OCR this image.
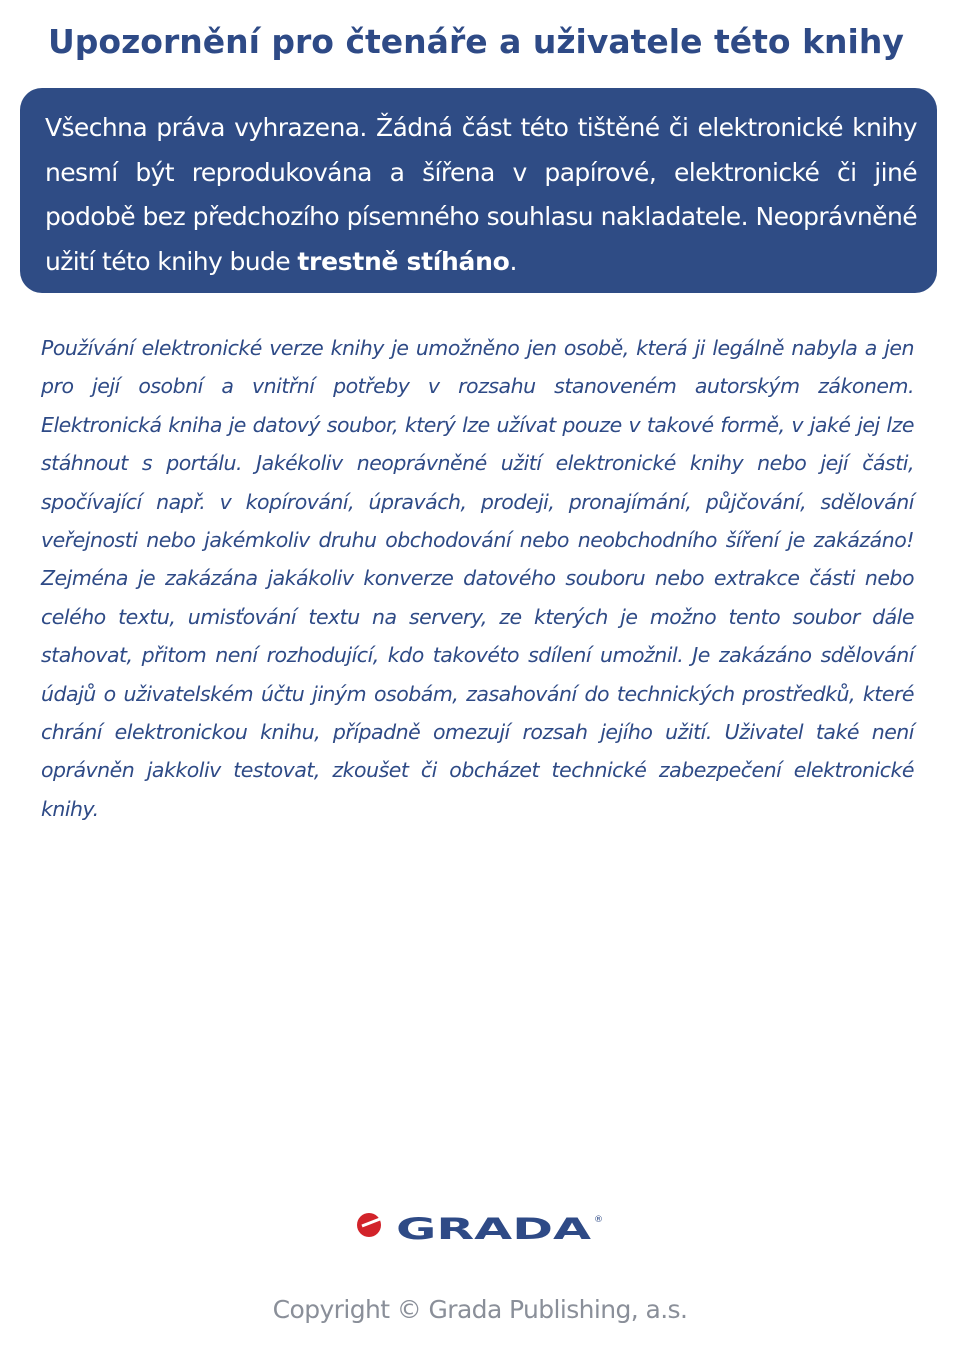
Upozornění pro čtenáře a uživatele této knihy

Všechna práva vyhrazena. Žádná část této tištěné či elektronické knihy nesmí být reprodukována a šířena v papírové, elektronické či jiné podobě bez předchozího písemného souhlasu nakladatele. Neoprávněné užití této knihy bude trestně stíháno.

Používání elektronické verze knihy je umožněno jen osobě, která ji legálně nabyla a jen pro její osobní a vnitřní potřeby v rozsahu stanoveném autorským zákonem. Elektronická kniha je datový soubor, který lze užívat pouze v takové formě, v jaké jej lze stáhnout s portálu. Jakékoliv neoprávněné užití elektronické knihy nebo její části, spočívající např. v kopírování, úpravách, prodeji, pronajímání, půjčování, sdělování veřejnosti nebo jakémkoliv druhu obchodování nebo neobchodního šíření je zakázáno! Zejména je zakázána jakákoliv konverze datového souboru nebo extrakce části nebo celého textu, umisťování textu na servery, ze kterých je možno tento soubor dále stahovat, přitom není rozhodující, kdo takovéto sdílení umožnil. Je zakázáno sdělování údajů o uživatelském účtu jiným osobám, zasahování do technických prostředků, které chrání elektronickou knihu, případně omezují rozsah jejího užití. Uživatel také není oprávněn jakkoliv testovat, zkoušet či obcházet technické zabezpečení elektronické knihy.

GRADA ®
Copyright © Grada Publishing, a.s.
